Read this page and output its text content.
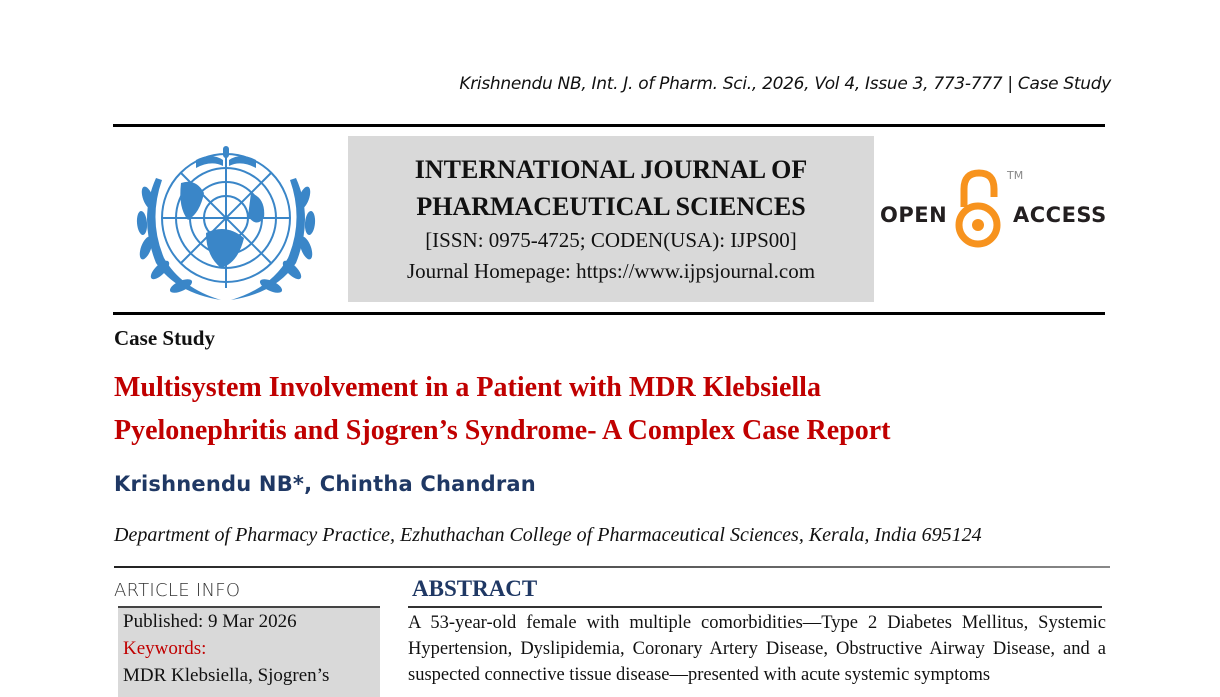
Krishnendu NB, Int. J. of Pharm. Sci., 2026, Vol 4, Issue 3, 773-777 | Case Study
INTERNATIONAL JOURNAL OF
PHARMACEUTICAL SCIENCES
[ISSN: 0975-4725; CODEN(USA): IJPS00]
Journal Homepage: https://www.ijpsjournal.com
OPEN
TM
ACCESS
Case Study
Multisystem Involvement in a Patient with MDR Klebsiella
Pyelonephritis and Sjogren’s Syndrome- A Complex Case Report
Krishnendu NB*, Chintha Chandran
Department of Pharmacy Practice, Ezhuthachan College of Pharmaceutical Sciences, Kerala, India 695124
ARTICLE INFO
Published: 9 Mar 2026
Keywords:
MDR Klebsiella, Sjogren’s
ABSTRACT
A 53-year-old female with multiple comorbidities—Type 2 Diabetes Mellitus, Systemic Hypertension, Dyslipidemia, Coronary Artery Disease, Obstructive Airway Disease, and a suspected connective tissue disease—presented with acute systemic symptoms
